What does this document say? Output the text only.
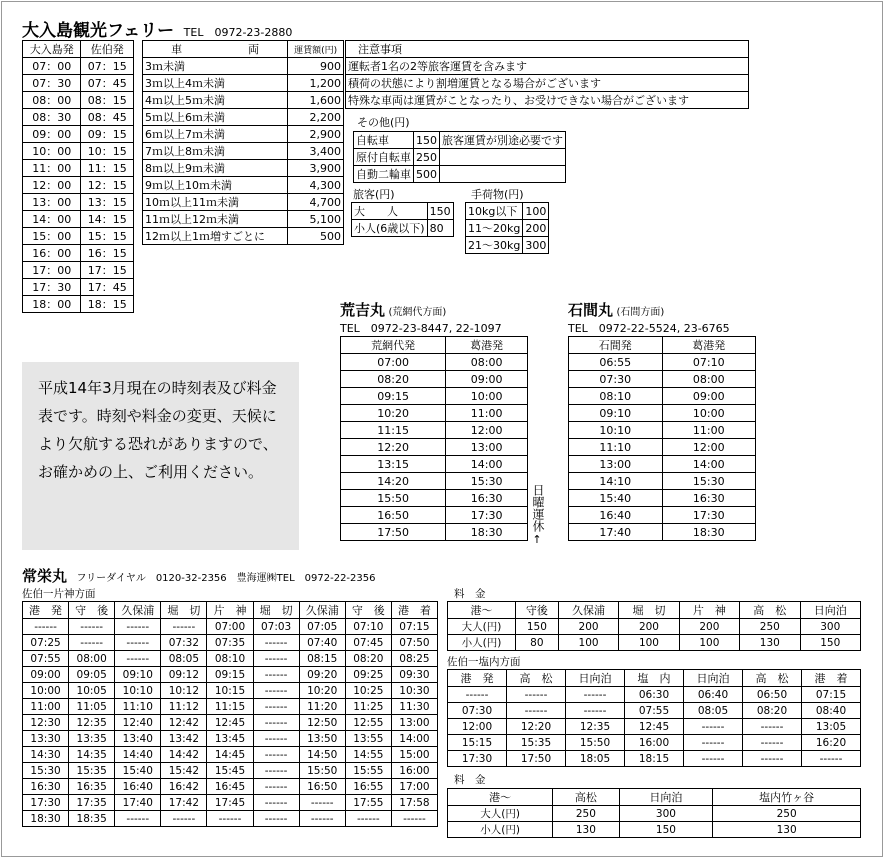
大入島観光フェリー TEL　0972-23-2880
大入島発	佐伯発
07：00	07：15
07：30	07：45
08：00	08：15
08：30	08：45
09：00	09：15
10：00	10：15
11：00	11：15
12：00	12：15
13：00	13：15
14：00	14：15
15：00	15：15
16：00	16：15
17：00	17：15
17：30	17：45
18：00	18：15
車　　　　　　両	運賃額(円)
3ｍ未満	900
3ｍ以上4ｍ未満	1,200
4ｍ以上5ｍ未満	1,600
5ｍ以上6ｍ未満	2,200
6ｍ以上7ｍ未満	2,900
7ｍ以上8ｍ未満	3,400
8ｍ以上9ｍ未満	3,900
9ｍ以上10ｍ未満	4,300
10ｍ以上11ｍ未満	4,700
11ｍ以上12ｍ未満	5,100
12ｍ以上1ｍ増すごとに	500
注意事項
運転者1名の2等旅客運賃を含みます
積荷の状態により割増運賃となる場合がございます
特殊な車両は運賃がことなったり、お受けできない場合がございます
その他(円)
自転車	150	旅客運賃が別途必要です
原付自転車	250	
自動二輪車	500	
旅客(円)
大　　人	150
小人(6歳以下)	80
手荷物(円)
10kg以下	100
11～20kg	200
21～30kg	300
平成14年3月現在の時刻表及び料金表です。時刻や料金の変更、天候により欠航する恐れがありますので、お確かめの上、ご利用ください。
荒吉丸 (荒網代方面)
TEL　0972-23-8447, 22-1097
荒網代発	葛港発
07:00	08:00
08:20	09:00
09:15	10:00
10:20	11:00
11:15	12:00
12:20	13:00
13:15	14:00
14:20	15:30
15:50	16:30
16:50	17:30
17:50	18:30 日曜運休
↑
石間丸 (石間方面)
TEL　0972-22-5524, 23-6765
石間発	葛港発
06:55	07:10
07:30	08:00
08:10	09:00
09:10	10:00
10:10	11:00
11:10	12:00
13:00	14:00
14:10	15:30
15:40	16:30
16:40	17:30
17:40	18:30
常栄丸 フリーダイヤル　0120-32-2356　豊海運㈱TEL　0972-22-2356
佐伯一片神方面
港　発	守　後	久保浦	堀　切	片　神	堀　切	久保浦	守　後	港　着
------	------	------	------	07:00	07:03	07:05	07:10	07:15
07:25	------	------	07:32	07:35	------	07:40	07:45	07:50
07:55	08:00	------	08:05	08:10	------	08:15	08:20	08:25
09:00	09:05	09:10	09:12	09:15	------	09:20	09:25	09:30
10:00	10:05	10:10	10:12	10:15	------	10:20	10:25	10:30
11:00	11:05	11:10	11:12	11:15	------	11:20	11:25	11:30
12:30	12:35	12:40	12:42	12:45	------	12:50	12:55	13:00
13:30	13:35	13:40	13:42	13:45	------	13:50	13:55	14:00
14:30	14:35	14:40	14:42	14:45	------	14:50	14:55	15:00
15:30	15:35	15:40	15:42	15:45	------	15:50	15:55	16:00
16:30	16:35	16:40	16:42	16:45	------	16:50	16:55	17:00
17:30	17:35	17:40	17:42	17:45	------	------	17:55	17:58
18:30	18:35	------	------	------	------	------	------	------
料　金
港～	守後	久保浦	堀　切	片　神	高　松	日向泊
大人(円)	150	200	200	200	250	300
小人(円)	80	100	100	100	130	150
佐伯一塩内方面
港　発	高　松	日向泊	塩　内	日向泊	高　松	港　着
------	------	------	06:30	06:40	06:50	07:15
07:30	------	------	07:55	08:05	08:20	08:40
12:00	12:20	12:35	12:45	------	------	13:05
15:15	15:35	15:50	16:00	------	------	16:20
17:30	17:50	18:05	18:15	------	------	------
料　金
港～	高松	日向泊	塩内竹ヶ谷
大人(円)	250	300	250
小人(円)	130	150	130
